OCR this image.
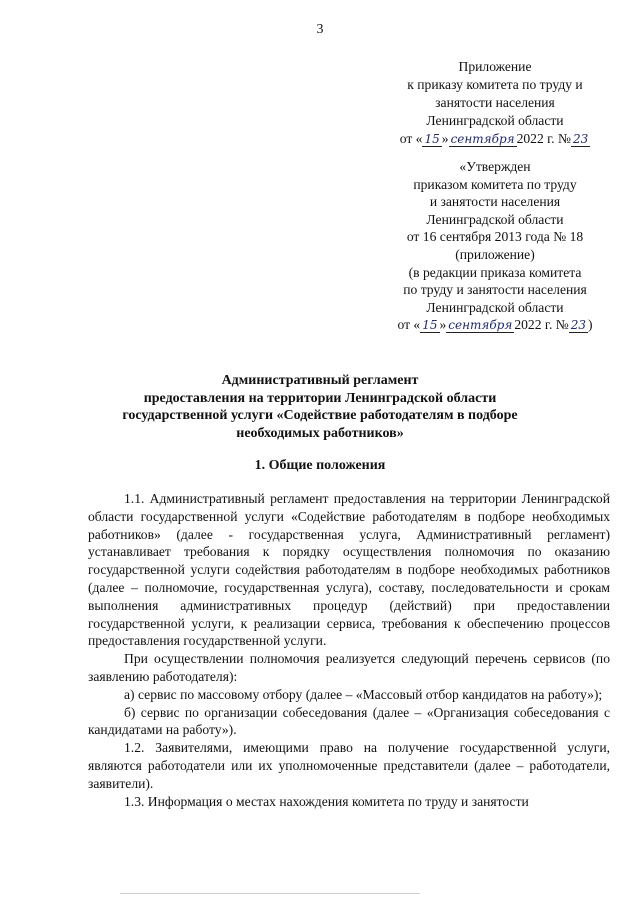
3
Приложение
к приказу комитета по труду и
занятости населения
Ленинградской области
от « 15 » сентября 2022 г. № 23
«Утвержден
приказом комитета по труду
и занятости населения
Ленинградской области
от 16 сентября 2013 года № 18
(приложение)
(в редакции приказа комитета
по труду и занятости населения
Ленинградской области
от « 15 » сентября 2022 г. № 23 )
Административный регламент
предоставления на территории Ленинградской области
государственной услуги «Содействие работодателям в подборе
необходимых работников»
1. Общие положения

1.1. Административный регламент предоставления на территории Ленинградской области государственной услуги «Содействие работодателям в подборе необходимых работников» (далее - государственная услуга, Административный регламент) устанавливает требования к порядку осуществления полномочия по оказанию государственной услуги содействия работодателям в подборе необходимых работников (далее – полномочие, государственная услуга), составу, последовательности и срокам выполнения административных процедур (действий) при предоставлении государственной услуги, к реализации сервиса, требования к обеспечению процессов предоставления государственной услуги.

При осуществлении полномочия реализуется следующий перечень сервисов (по заявлению работодателя):

а) сервис по массовому отбору (далее – «Массовый отбор кандидатов на работу»);

б) сервис по организации собеседования (далее – «Организация собеседования с кандидатами на работу»).

1.2. Заявителями, имеющими право на получение государственной услуги, являются работодатели или их уполномоченные представители (далее – работодатели, заявители).

1.3. Информация о местах нахождения комитета по труду и занятости
